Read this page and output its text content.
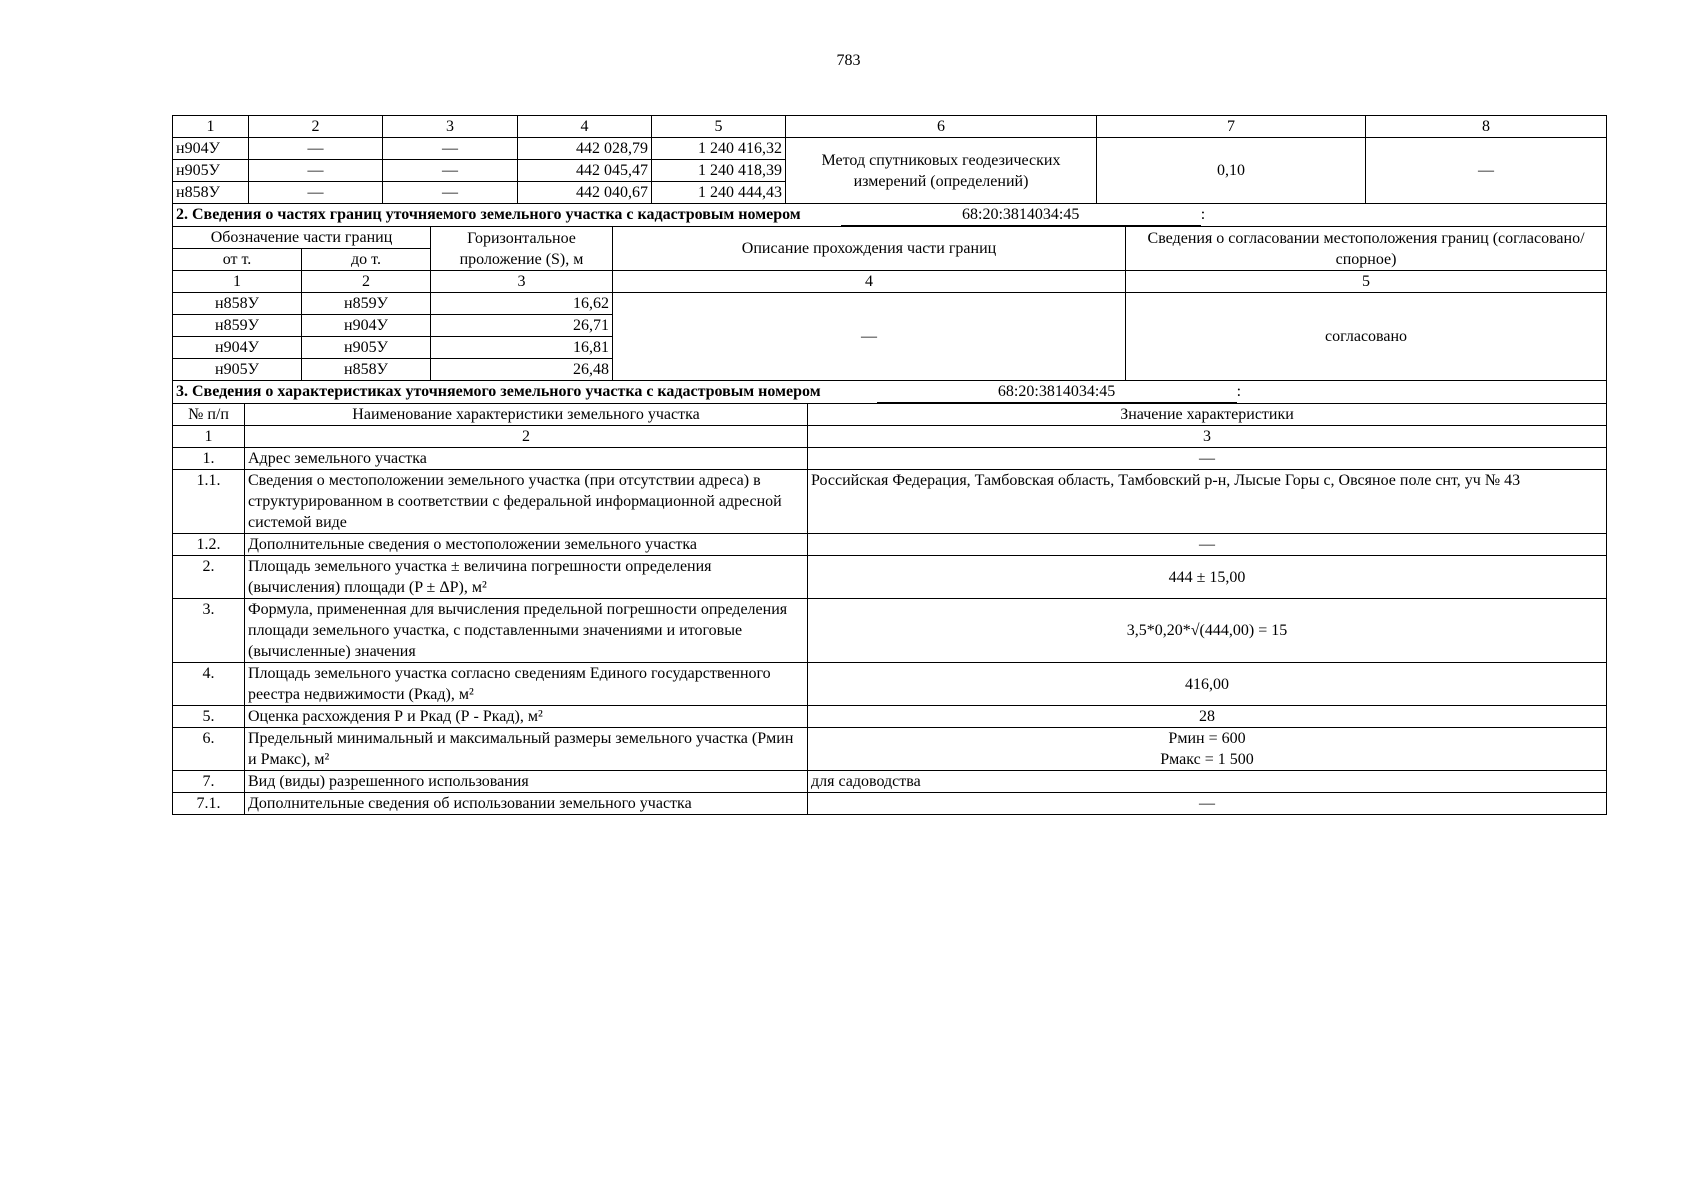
783
1	2	3	4	5	6	7	8
н904У	—	—	442 028,79	1 240 416,32	Метод спутниковых геодезических измерений (определений)	0,10	—
н905У	—	—	442 045,47	1 240 418,39			
н858У	—	—	442 040,67	1 240 444,43			
2. Сведения о частях границ уточняемого земельного участка с кадастровым номером 68:20:3814034:45 :				
Обозначение части границ		Горизонтальное проложение (S), м	Описание прохождения части границ	Сведения о согласовании местоположения границ (согласовано/спорное)
от т.	до т.			
1	2	3	4	5
н858У	н859У	16,62	—	согласовано
н859У	н904У	26,71		
н904У	н905У	16,81		
н905У	н858У	26,48		
3. Сведения о характеристиках уточняемого земельного участка с кадастровым номером 68:20:3814034:45 :		
№ п/п	Наименование характеристики земельного участка	Значение характеристики
1	2	3
1.	Адрес земельного участка	—
1.1.	Сведения о местоположении земельного участка (при отсутствии адреса) в структурированном в соответствии с федеральной информационной адресной системой виде	Российская Федерация, Тамбовская область, Тамбовский р-н, Лысые Горы с, Овсяное поле снт, уч № 43
1.2.	Дополнительные сведения о местоположении земельного участка	—
2.	Площадь земельного участка ± величина погрешности определения (вычисления) площади (P ± ΔP), м²	444 ± 15,00
3.	Формула, примененная для вычисления предельной погрешности определения площади земельного участка, с подставленными значениями и итоговые (вычисленные) значения	3,5*0,20*√(444,00) = 15
4.	Площадь земельного участка согласно сведениям Единого государственного реестра недвижимости (Ркад), м²	416,00
5.	Оценка расхождения Р и Ркад (Р - Ркад), м²	28
6.	Предельный минимальный и максимальный размеры земельного участка (Рмин и Рмакс), м²	Рмин = 600
Рмакс = 1 500

7.	Вид (виды) разрешенного использования	для садоводства
7.1.	Дополнительные сведения об использовании земельного участка	—
